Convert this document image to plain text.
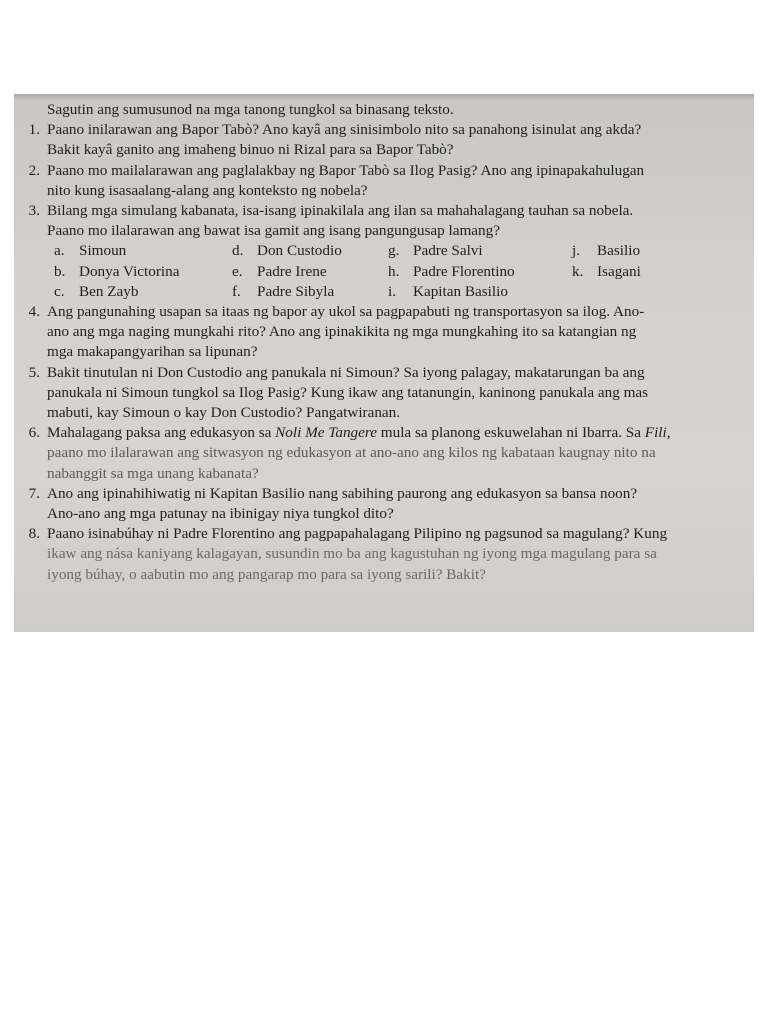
Sagutin ang sumusunod na mga tanong tungkol sa binasang teksto.
1. Paano inilarawan ang Bapor Tabò? Ano kayâ ang sinisimbolo nito sa panahong isinulat ang akda?

Bakit kayâ ganito ang imaheng binuo ni Rizal para sa Bapor Tabò?

2. Paano mo mailalarawan ang paglalakbay ng Bapor Tabò sa Ilog Pasig? Ano ang ipinapakahulugan

nito kung isasaalang-alang ang konteksto ng nobela?

3. Bilang mga simulang kabanata, isa-isang ipinakilala ang ilan sa mahahalagang tauhan sa nobela.

Paano mo ilalarawan ang bawat isa gamit ang isang pangungusap lamang?

a. Simoun	d. Don Custodio	g. Padre Salvi	j.	Basilio
b. Donya Victorina	e. Padre Irene	h. Padre Florentino	k. Isagani
c. Ben Zayb	f.	Padre Sibyla	i.	Kapitan Basilio
4. Ang pangunahing usapan sa itaas ng bapor ay ukol sa pagpapabuti ng transportasyon sa ilog. Ano-

ano ang mga naging mungkahi rito? Ano ang ipinakikita ng mga mungkahing ito sa katangian ng

mga makapangyarihan sa lipunan?

5. Bakit tinutulan ni Don Custodio ang panukala ni Simoun? Sa iyong palagay, makatarungan ba ang

panukala ni Simoun tungkol sa Ilog Pasig? Kung ikaw ang tatanungin, kaninong panukala ang mas

mabuti, kay Simoun o kay Don Custodio? Pangatwiranan.

6. Mahalagang paksa ang edukasyon sa Noli Me Tangere mula sa planong eskuwelahan ni Ibarra. Sa Fili,

paano mo ilalarawan ang sitwasyon ng edukasyon at ano-ano ang kilos ng kabataan kaugnay nito na

nabanggit sa mga unang kabanata?

7. Ano ang ipinahihiwatig ni Kapitan Basilio nang sabihing paurong ang edukasyon sa bansa noon?

Ano-ano ang mga patunay na ibinigay niya tungkol dito?

8. Paano isinabúhay ni Padre Florentino ang pagpapahalagang Pilipino ng pagsunod sa magulang? Kung

ikaw ang nása kaniyang kalagayan, susundin mo ba ang kagustuhan ng iyong mga magulang para sa

iyong búhay, o aabutin mo ang pangarap mo para sa iyong sarili? Bakit?
